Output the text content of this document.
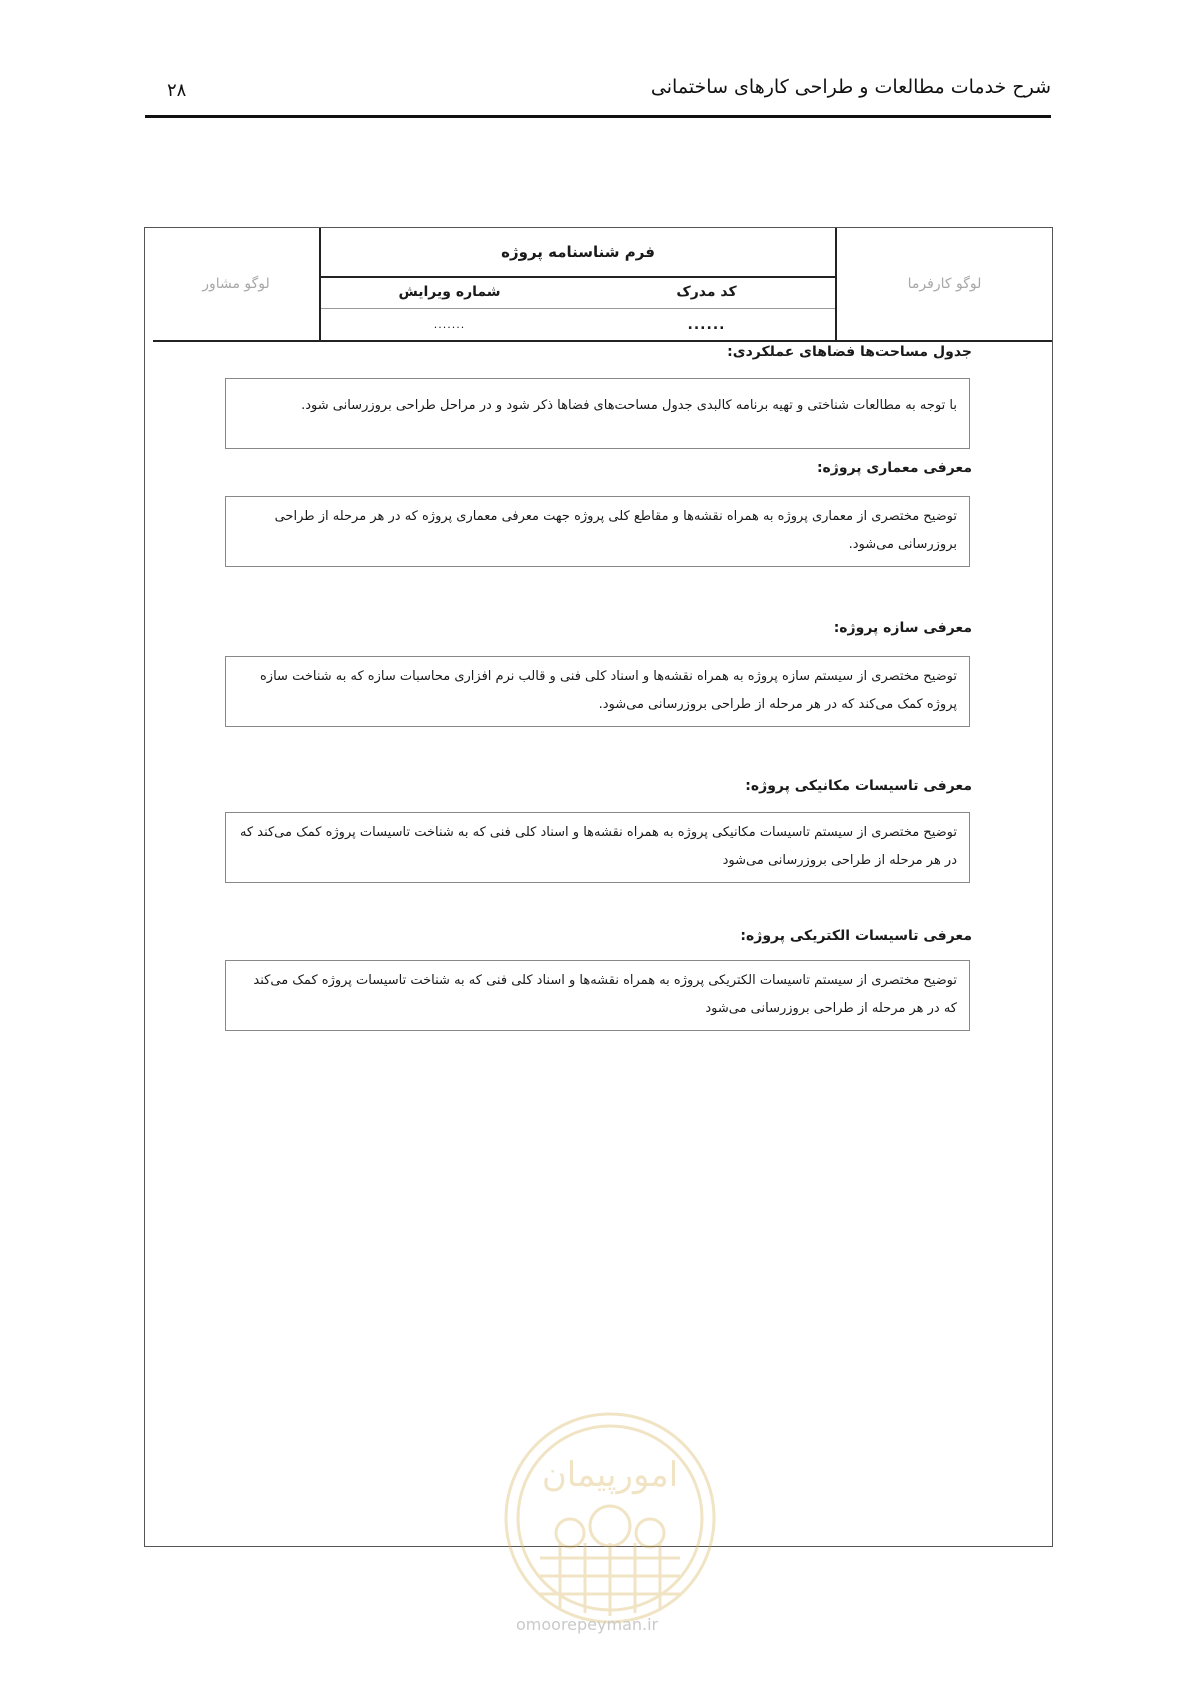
شرح خدمات مطالعات و طراحی کارهای ساختمانی
۲۸
لوگو کارفرما
فرم شناسنامه پروژه
کد مدرک
شماره ویرایش
......
.......
لوگو مشاور
جدول مساحت‌ها فضاهای عملکردی:
با توجه به مطالعات شناختی و تهیه برنامه کالبدی جدول مساحت‌های فضاها ذکر شود و در مراحل طراحی بروزرسانی شود.
معرفی معماری پروژه:
توضیح مختصری از معماری پروژه به همراه نقشه‌ها و مقاطع کلی پروژه جهت معرفی معماری پروژه که در هر مرحله از طراحی بروزرسانی می‌شود.
معرفی سازه پروژه:
توضیح مختصری از سیستم سازه پروژه به همراه نقشه‌ها و اسناد کلی فنی و قالب نرم افزاری محاسبات سازه که به شناخت سازه پروژه کمک می‌کند که در هر مرحله از طراحی بروزرسانی می‌شود.
معرفی تاسیسات مکانیکی پروژه:
توضیح مختصری از سیستم تاسیسات مکانیکی پروژه به همراه نقشه‌ها و اسناد کلی فنی که به شناخت تاسیسات پروژه کمک می‌کند که در هر مرحله از طراحی بروزرسانی می‌شود
معرفی تاسیسات الکتریکی پروژه:
توضیح مختصری از سیستم تاسیسات الکتریکی پروژه به همراه نقشه‌ها و اسناد کلی فنی که به شناخت تاسیسات پروژه کمک می‌کند که در هر مرحله از طراحی بروزرسانی می‌شود
امورپیمان
omoorepeyman.ir
